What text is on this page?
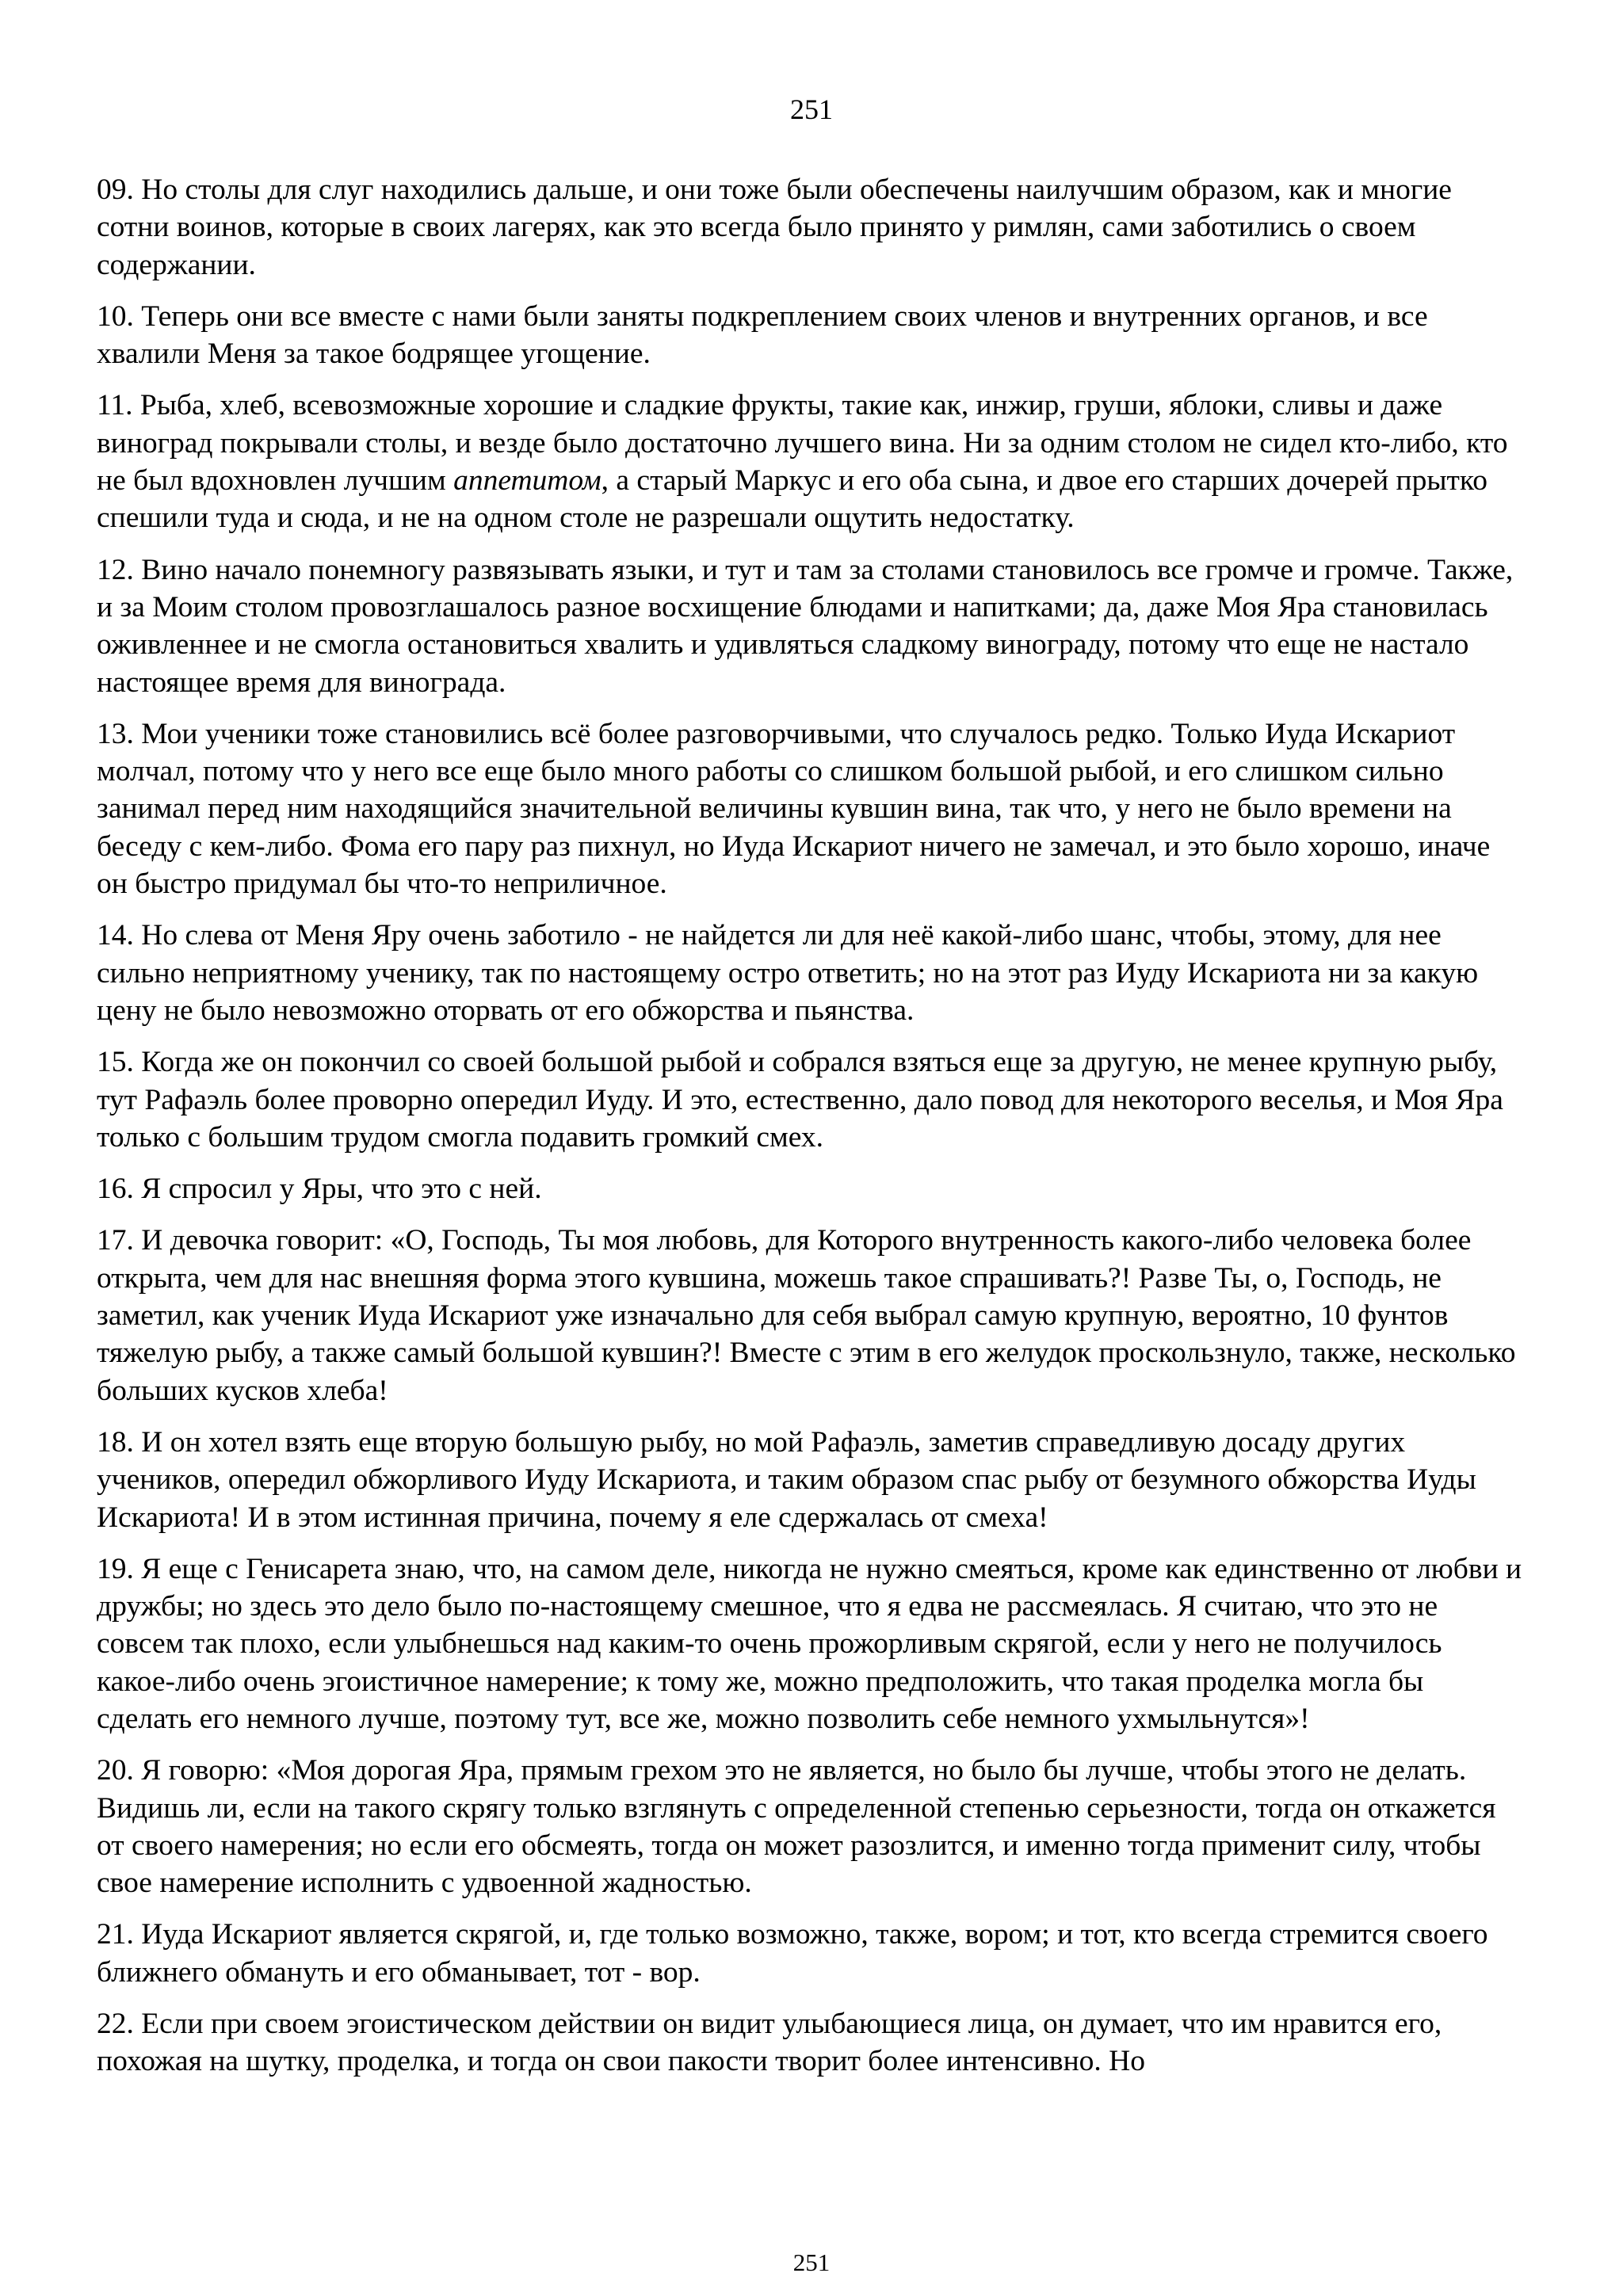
251

09. Но столы для слуг находились дальше, и они тоже были обеспечены наилучшим образом, как и многие сотни воинов, которые в своих лагерях, как это всегда было принято у римлян, сами заботились о своем содержании.

10. Теперь они все вместе с нами были заняты подкреплением своих членов и внутренних органов, и все хвалили Меня за такое бодрящее угощение.

11. Рыба, хлеб, всевозможные хорошие и сладкие фрукты, такие как, инжир, груши, яблоки, сливы и даже виноград покрывали столы, и везде было достаточно лучшего вина. Ни за одним столом не сидел кто-либо, кто не был вдохновлен лучшим аппетитом, а старый Маркус и его оба сына, и двое его старших дочерей прытко спешили туда и сюда, и не на одном столе не разрешали ощутить недостатку.

12. Вино начало понемногу развязывать языки, и тут и там за столами становилось все громче и громче. Также, и за Моим столом провозглашалось разное восхищение блюдами и напитками; да, даже Моя Яра становилась оживленнее и не смогла остановиться хвалить и удивляться сладкому винограду, потому что еще не настало настоящее время для винограда.

13. Мои ученики тоже становились всё более разговорчивыми, что случалось редко. Только Иуда Искариот молчал, потому что у него все еще было много работы со слишком большой рыбой, и его слишком сильно занимал перед ним находящийся значительной величины кувшин вина, так что, у него не было времени на беседу с кем-либо. Фома его пару раз пихнул, но Иуда Искариот ничего не замечал, и это было хорошо, иначе он быстро придумал бы что-то неприличное.

14. Но слева от Меня Яру очень заботило - не найдется ли для неё какой-либо шанс, чтобы, этому, для нее сильно неприятному ученику, так по настоящему остро ответить; но на этот раз Иуду Искариота ни за какую цену не было невозможно оторвать от его обжорства и пьянства.

15. Когда же он покончил со своей большой рыбой и собрался взяться еще за другую, не менее крупную рыбу, тут Рафаэль более проворно опередил Иуду. И это, естественно, дало повод для некоторого веселья, и Моя Яра только с большим трудом смогла подавить громкий смех.

16. Я спросил у Яры, что это с ней.

17. И девочка говорит: «О, Господь, Ты моя любовь, для Которого внутренность какого-либо человека более открыта, чем для нас внешняя форма этого кувшина, можешь такое спрашивать?! Разве Ты, о, Господь, не заметил, как ученик Иуда Искариот уже изначально для себя выбрал самую крупную, вероятно, 10 фунтов тяжелую рыбу, а также самый большой кувшин?! Вместе с этим в его желудок проскользнуло, также, несколько больших кусков хлеба!

18. И он хотел взять еще вторую большую рыбу, но мой Рафаэль, заметив справедливую досаду других учеников, опередил обжорливого Иуду Искариота, и таким образом спас рыбу от безумного обжорства Иуды Искариота! И в этом истинная причина, почему я еле сдержалась от смеха!

19. Я еще с Генисарета знаю, что, на самом деле, никогда не нужно смеяться, кроме как единственно от любви и дружбы; но здесь это дело было по-настоящему смешное, что я едва не рассмеялась. Я считаю, что это не совсем так плохо, если улыбнешься над каким-то очень прожорливым скрягой, если у него не получилось какое-либо очень эгоистичное намерение; к тому же, можно предположить, что такая проделка могла бы сделать его немного лучше, поэтому тут, все же, можно позволить себе немного ухмыльнутся»!

20. Я говорю: «Моя дорогая Яра, прямым грехом это не является, но было бы лучше, чтобы этого не делать. Видишь ли, если на такого скрягу только взглянуть с определенной степенью серьезности, тогда он откажется от своего намерения; но если его обсмеять, тогда он может разозлится, и именно тогда применит силу, чтобы свое намерение исполнить с удвоенной жадностью.

21. Иуда Искариот является скрягой, и, где только возможно, также, вором; и тот, кто всегда стремится своего ближнего обмануть и его обманывает, тот - вор.

22. Если при своем эгоистическом действии он видит улыбающиеся лица, он думает, что им нравится его, похожая на шутку, проделка, и тогда он свои пакости творит более интенсивно. Но

251
